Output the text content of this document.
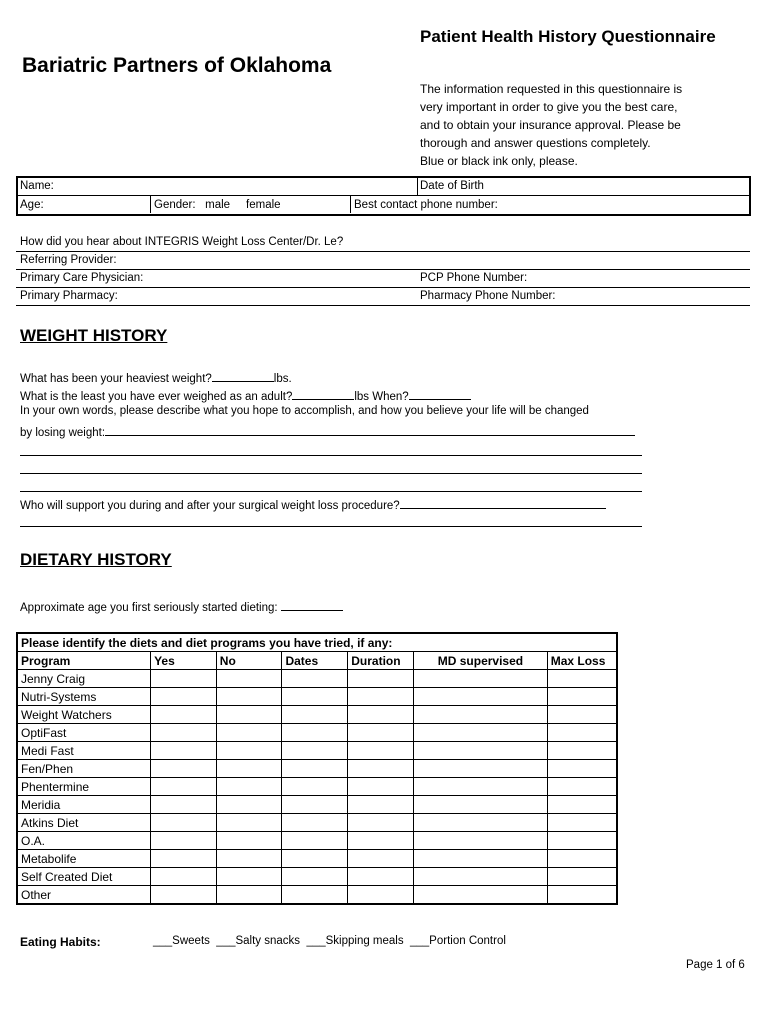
Patient Health History Questionnaire
Bariatric Partners of Oklahoma
The information requested in this questionnaire is
very important in order to give you the best care,
and to obtain your insurance approval. Please be
thorough and answer questions completely.
Blue or black ink only, please.
Name:	Date of Birth
Age:	Gender:   male     female	Best contact phone number:
How did you hear about INTEGRIS Weight Loss Center/Dr. Le?
Referring Provider:
Primary Care Physician:	PCP Phone Number:
Primary Pharmacy:	Pharmacy Phone Number:
WEIGHT HISTORY
What has been your heaviest weight?	lbs.
What is the least you have ever weighed as an adult?	lbs When?
In your own words, please describe what you hope to accomplish, and how you believe your life will be changed
by losing weight:
Who will support you during and after your surgical weight loss procedure?
DIETARY HISTORY
Approximate age you first seriously started dieting:
Please identify the diets and diet programs you have tried, if any:						
Program	Yes	No	Dates	Duration	MD supervised	Max Loss
Jenny Craig						
Nutri-Systems						
Weight Watchers						
OptiFast						
Medi Fast						
Fen/Phen						
Phentermine						
Meridia						
Atkins Diet						
O.A.						
Metabolife						
Self Created Diet						
Other						
Eating Habits:	___Sweets ___Salty snacks ___Skipping meals ___Portion Control
Page 1 of 6
